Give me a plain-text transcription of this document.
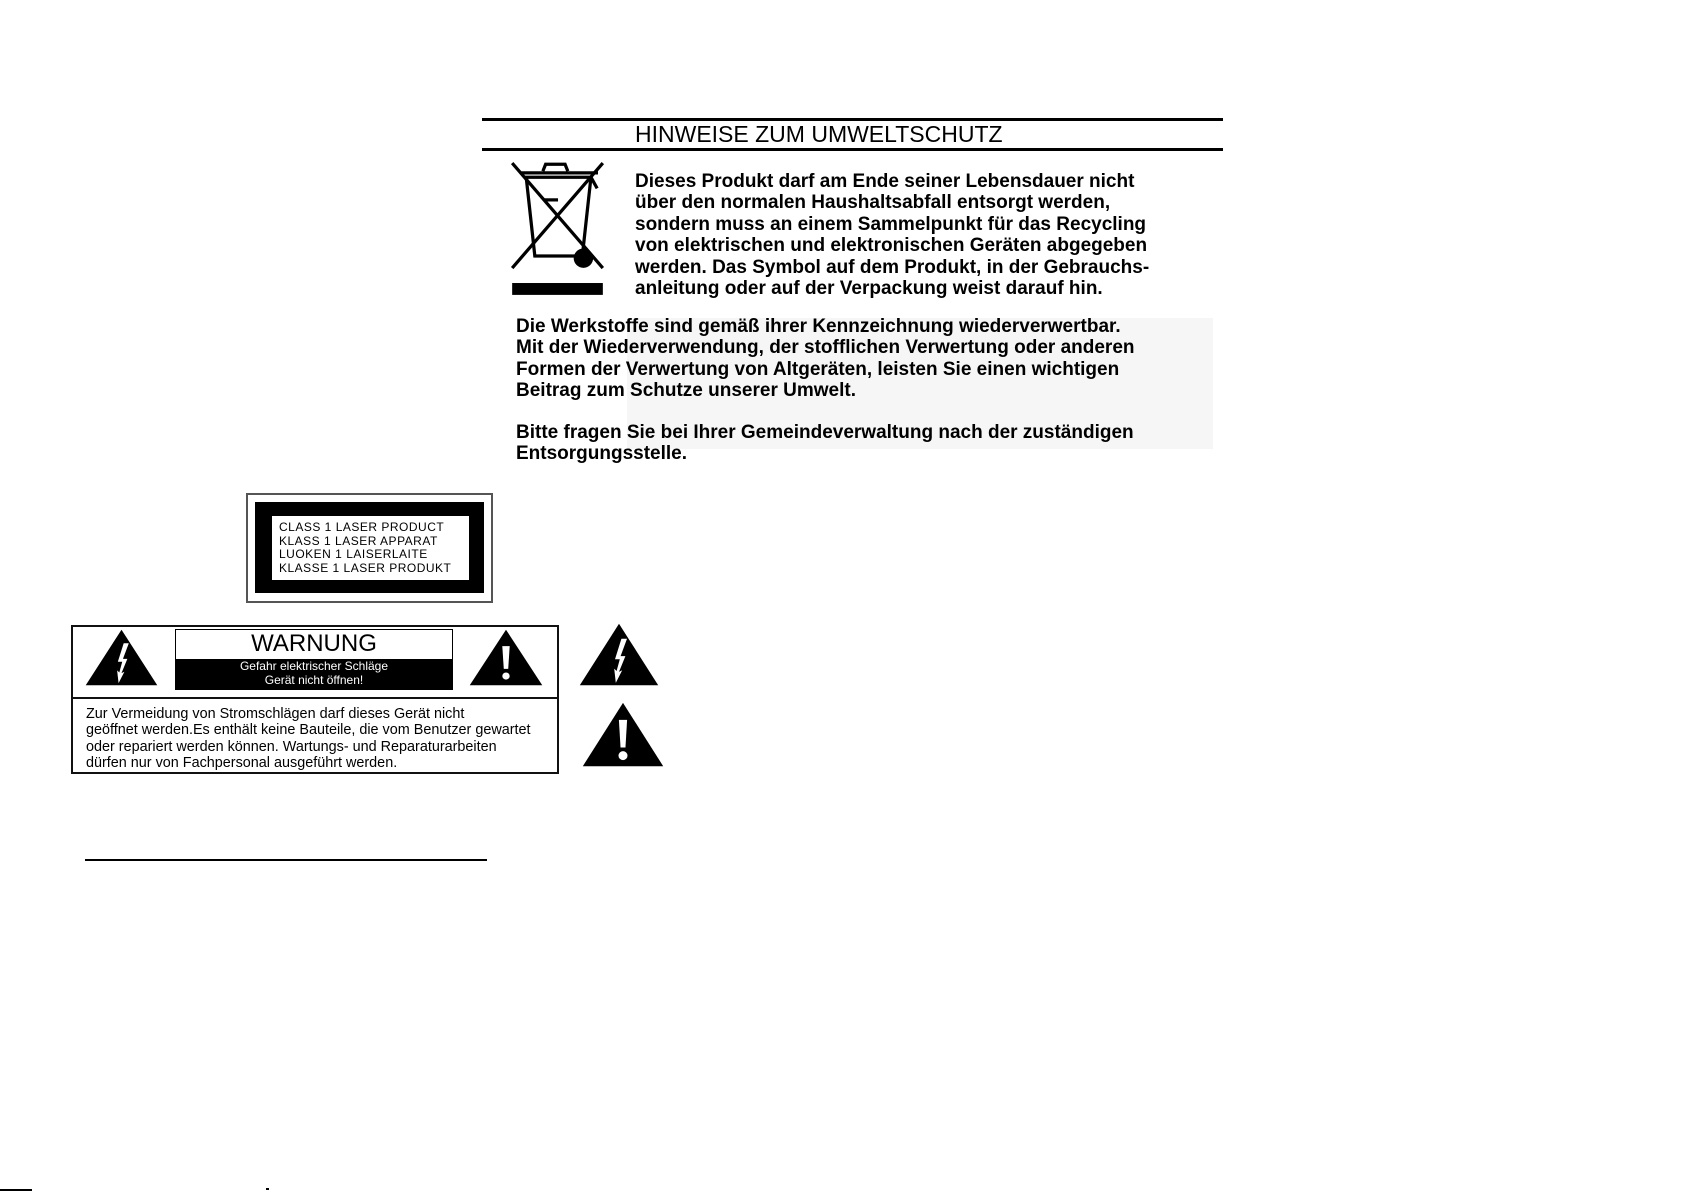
HINWEISE ZUM UMWELTSCHUTZ
Dieses Produkt darf am Ende seiner Lebensdauer nicht
über den normalen Haushaltsabfall entsorgt werden,
sondern muss an einem Sammelpunkt für das Recycling
von elektrischen und elektronischen Geräten abgegeben
werden. Das Symbol auf dem Produkt, in der Gebrauchs-
anleitung oder auf der Verpackung weist darauf hin.
Die Werkstoffe sind gemäß ihrer Kennzeichnung wiederverwertbar.
Mit der Wiederverwendung, der stofflichen Verwertung oder anderen
Formen der Verwertung von Altgeräten, leisten Sie einen wichtigen
Beitrag zum Schutze unserer Umwelt.
Bitte fragen Sie bei Ihrer Gemeindeverwaltung nach der zuständigen
Entsorgungsstelle.
CLASS 1 LASER PRODUCT
KLASS 1 LASER APPARAT
LUOKEN 1 LAISERLAITE
KLASSE 1 LASER PRODUKT
WARNUNG
Gefahr elektrischer Schläge
Gerät nicht öffnen!
Zur Vermeidung von Stromschlägen darf dieses Gerät nicht
geöffnet werden.Es enthält keine Bauteile, die vom Benutzer gewartet
oder repariert werden können. Wartungs- und Reparaturarbeiten
dürfen nur von Fachpersonal ausgeführt werden.
